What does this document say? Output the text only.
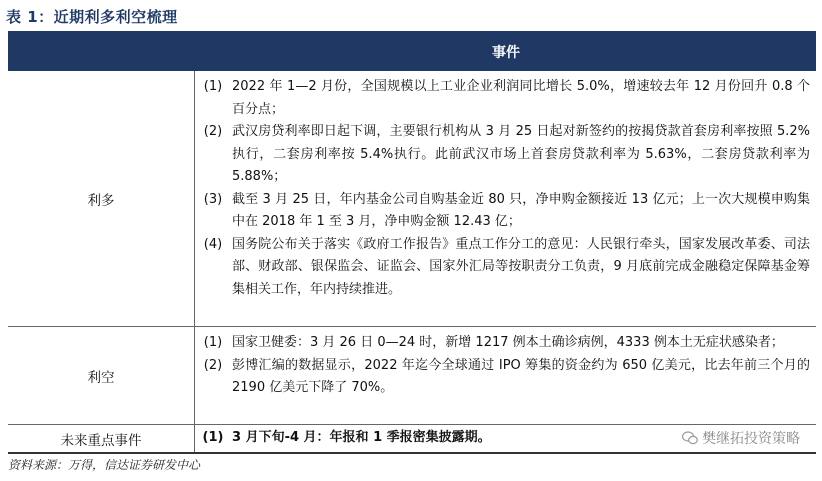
表 1：近期利多利空梳理
事件
利多
(1) 2022 年 1—2 月份，全国规模以上工业企业利润同比增长 5.0%，增速较去年 12 月份回升 0.8 个百分点；
(2) 武汉房贷利率即日起下调，主要银行机构从 3 月 25 日起对新签约的按揭贷款首套房利率按照 5.2%执行，二套房利率按 5.4%执行。此前武汉市场上首套房贷款利率为 5.63%，二套房贷款利率为 5.88%；
(3) 截至 3 月 25 日，年内基金公司自购基金近 80 只，净申购金额接近 13 亿元；上一次大规模申购集中在 2018 年 1 至 3 月，净申购金额 12.43 亿；
(4) 国务院公布关于落实《政府工作报告》重点工作分工的意见：人民银行牵头，国家发展改革委、司法部、财政部、银保监会、证监会、国家外汇局等按职责分工负责，9 月底前完成金融稳定保障基金筹集相关工作，年内持续推进。
利空
(1) 国家卫健委：3 月 26 日 0—24 时，新增 1217 例本土确诊病例，4333 例本土无症状感染者；
(2) 彭博汇编的数据显示，2022 年迄今全球通过 IPO 筹集的资金约为 650 亿美元，比去年前三个月的 2190 亿美元下降了 70%。
未来重点事件	(1) 3 月下旬-4 月：年报和 1 季报密集披露期。	樊继拓投资策略
资料来源：万得，信达证券研发中心
